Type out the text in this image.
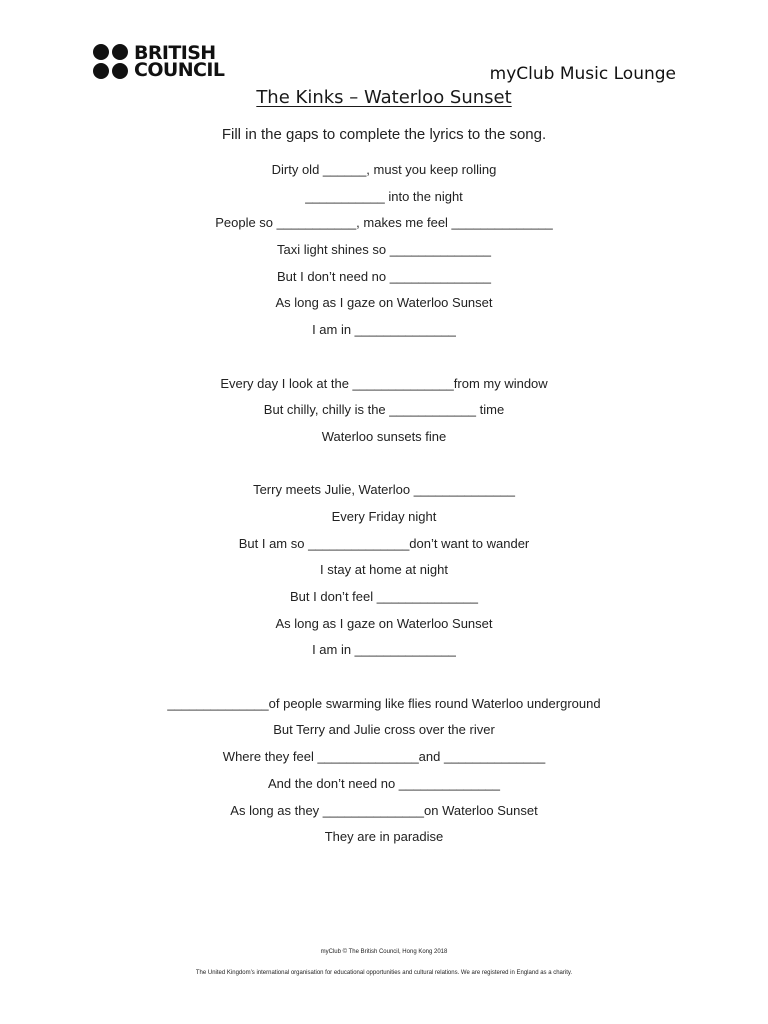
BRITISH
COUNCIL	myClub Music Lounge
The Kinks – Waterloo Sunset
Fill in the gaps to complete the lyrics to the song.
Dirty old ______, must you keep rolling
___________ into the night
People so ___________, makes me feel ______________
Taxi light shines so ______________
But I don’t need no ______________
As long as I gaze on Waterloo Sunset
I am in ______________
Every day I look at the ______________from my window
But chilly, chilly is the ____________ time
Waterloo sunsets fine
Terry meets Julie, Waterloo ______________
Every Friday night
But I am so ______________don’t want to wander
I stay at home at night
But I don’t feel ______________
As long as I gaze on Waterloo Sunset
I am in ______________
______________of people swarming like flies round Waterloo underground
But Terry and Julie cross over the river
Where they feel ______________and ______________
And the don’t need no ______________
As long as they ______________on Waterloo Sunset
They are in paradise
myClub © The British Council, Hong Kong 2018
The United Kingdom’s international organisation for educational opportunities and cultural relations. We are registered in England as a charity.
